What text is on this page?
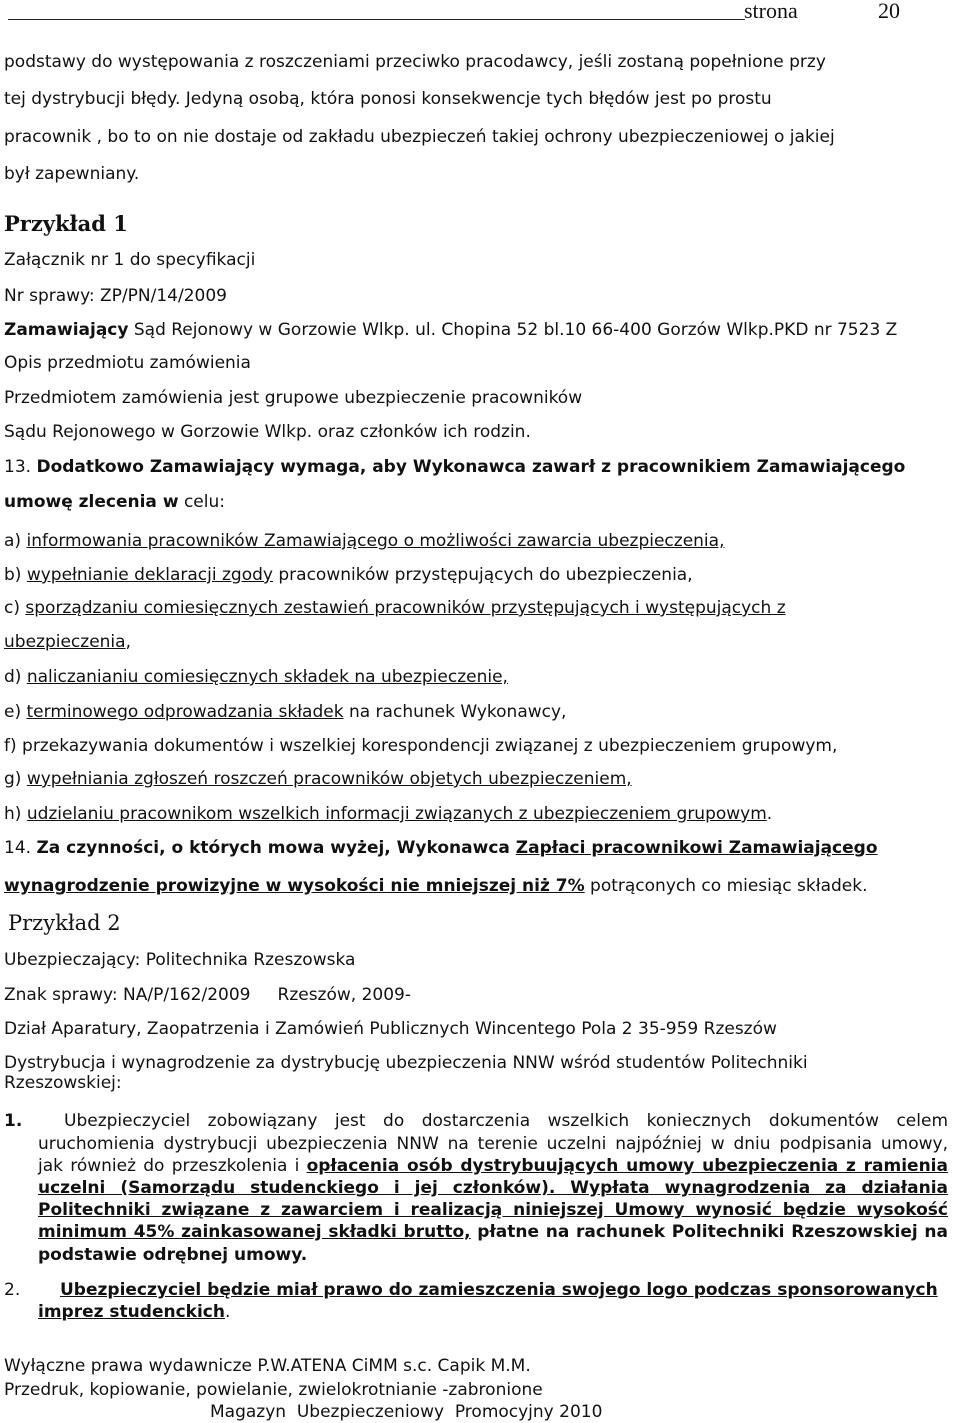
strona	20
podstawy do występowania z roszczeniami przeciwko pracodawcy, jeśli zostaną popełnione przy
tej dystrybucji błędy. Jedyną osobą, która ponosi konsekwencje tych błędów jest po prostu
pracownik , bo to on nie dostaje od zakładu ubezpieczeń takiej ochrony ubezpieczeniowej o jakiej
był zapewniany.
Przykład 1
Załącznik nr 1 do specyfikacji
Nr sprawy: ZP/PN/14/2009
Zamawiający Sąd Rejonowy w Gorzowie Wlkp. ul. Chopina 52 bl.10 66-400 Gorzów Wlkp.PKD nr 7523 Z
Opis przedmiotu zamówienia
Przedmiotem zamówienia jest grupowe ubezpieczenie pracowników
Sądu Rejonowego w Gorzowie Wlkp. oraz członków ich rodzin.
13. Dodatkowo Zamawiający wymaga, aby Wykonawca zawarł z pracownikiem Zamawiającego
umowę zlecenia w celu:
a) informowania pracowników Zamawiającego o możliwości zawarcia ubezpieczenia,
b) wypełnianie deklaracji zgody pracowników przystępujących do ubezpieczenia,
c) sporządzaniu comiesięcznych zestawień pracowników przystępujących i występujących z
ubezpieczenia,
d) naliczanianiu comiesięcznych składek na ubezpieczenie,
e) terminowego odprowadzania składek na rachunek Wykonawcy,
f) przekazywania dokumentów i wszelkiej korespondencji związanej z ubezpieczeniem grupowym,
g) wypełniania zgłoszeń roszczeń pracowników objetych ubezpieczeniem,
h) udzielaniu pracownikom wszelkich informacji związanych z ubezpieczeniem grupowym.
14. Za czynności, o których mowa wyżej, Wykonawca Zapłaci pracownikowi Zamawiającego
wynagrodzenie prowizyjne w wysokości nie mniejszej niż 7% potrąconych co miesiąc składek.
Przykład 2
Ubezpieczający: Politechnika Rzeszowska
Znak sprawy: NA/P/162/2009     Rzeszów, 2009-
Dział Aparatury, Zaopatrzenia i Zamówień Publicznych Wincentego Pola 2 35-959 Rzeszów
Dystrybucja i wynagrodzenie za dystrybucję ubezpieczenia NNW wśród studentów Politechniki
Rzeszowskiej:
1. Ubezpieczyciel zobowiązany jest do dostarczenia wszelkich koniecznych dokumentów celem
uruchomienia dystrybucji ubezpieczenia NNW na terenie uczelni najpóźniej w dniu podpisania umowy,
jak również do przeszkolenia i opłacenia osób dystrybuujących umowy ubezpieczenia z ramienia
uczelni (Samorządu studenckiego i jej członków). Wypłata wynagrodzenia za działania
Politechniki związane z zawarciem i realizacją niniejszej Umowy wynosić będzie wysokość
minimum 45% zainkasowanej składki brutto, płatne na rachunek Politechniki Rzeszowskiej na
podstawie odrębnej umowy.
2. Ubezpieczyciel będzie miał prawo do zamieszczenia swojego logo podczas sponsorowanych
imprez studenckich.
Wyłączne prawa wydawnicze P.W.ATENA CiMM s.c. Capik M.M.
Przedruk, kopiowanie, powielanie, zwielokrotnianie -zabronione
Magazyn  Ubezpieczeniowy  Promocyjny 2010
